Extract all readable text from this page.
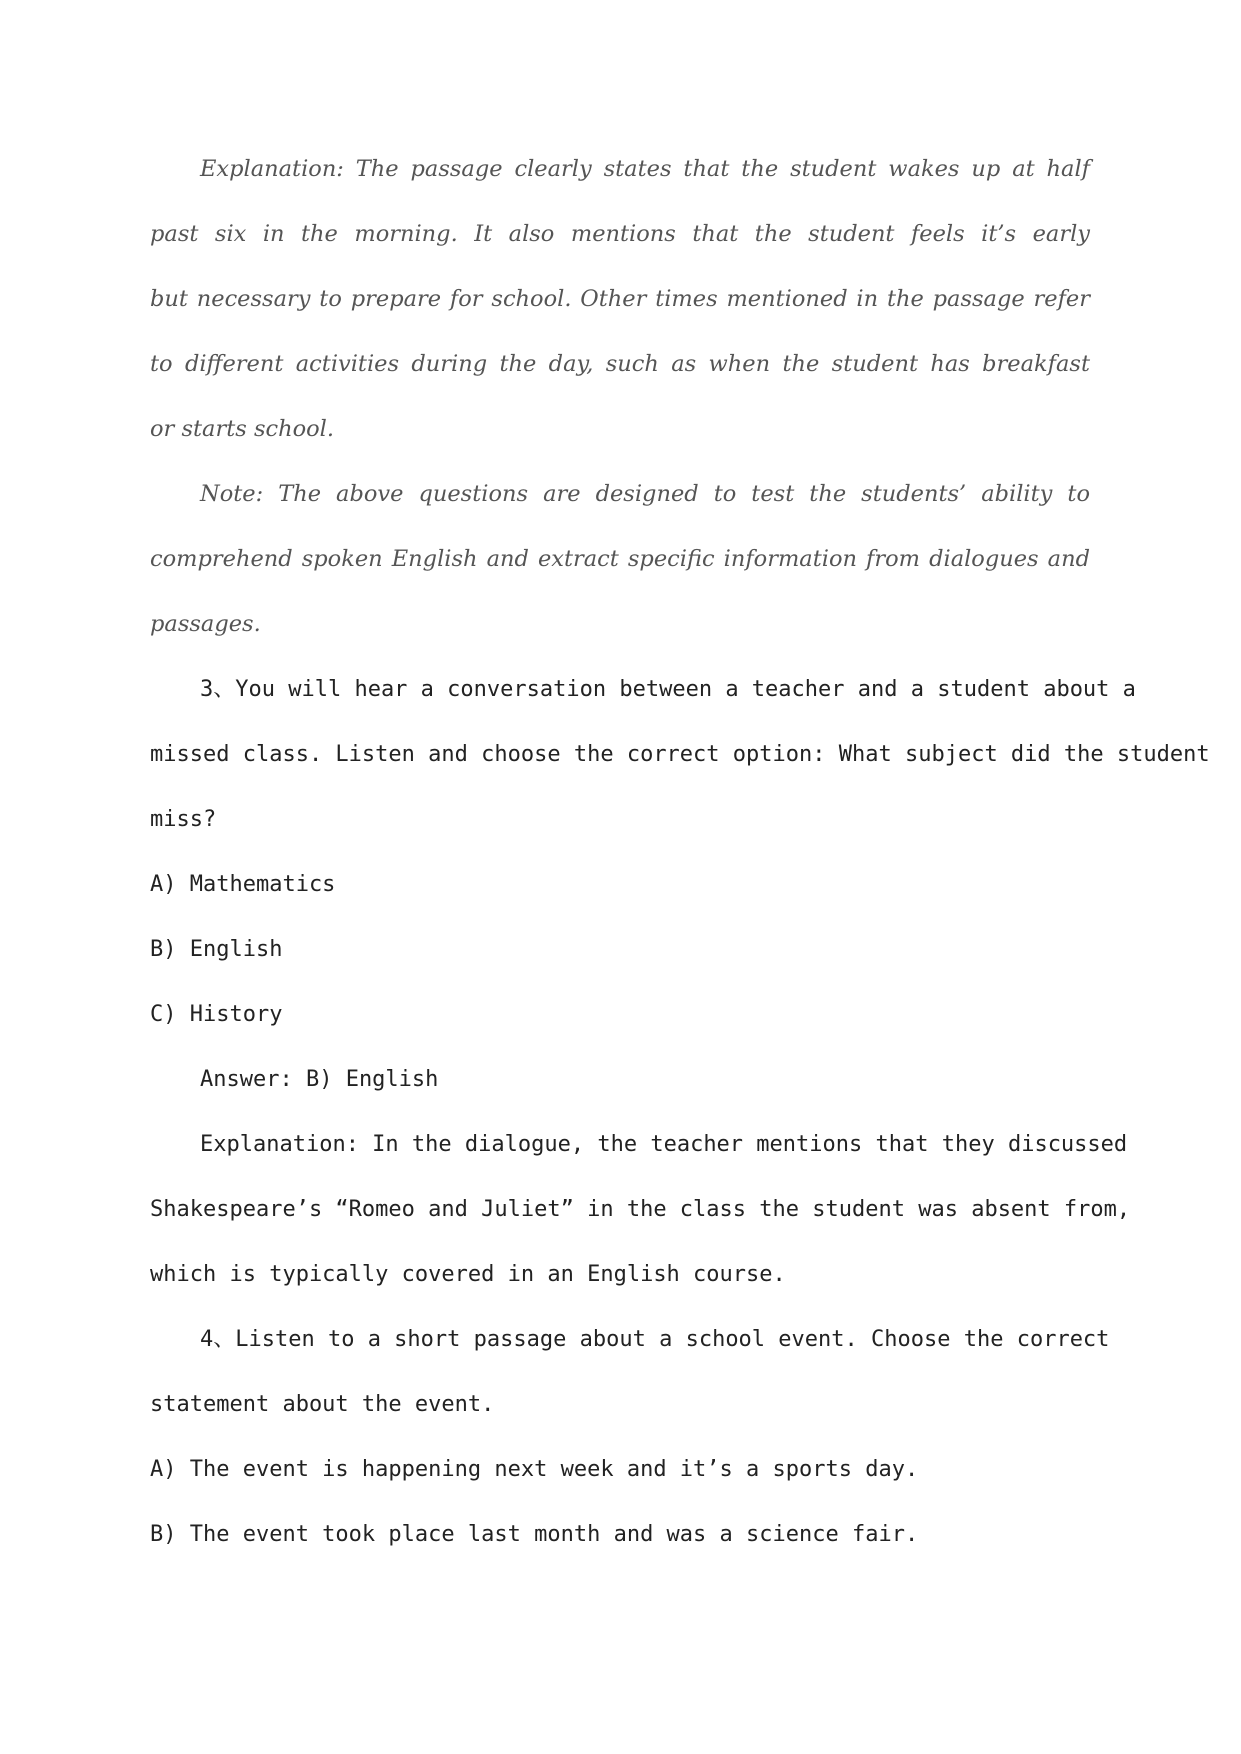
Explanation: The passage clearly states that the student wakes up at half
past six in the morning. It also mentions that the student feels it’s early
but necessary to prepare for school. Other times mentioned in the passage refer
to different activities during the day, such as when the student has breakfast
or starts school.
Note: The above questions are designed to test the students’ ability to
comprehend spoken English and extract specific information from dialogues and
passages.
3、You will hear a conversation between a teacher and a student about a
missed class. Listen and choose the correct option: What subject did the student
miss?
A) Mathematics
B) English
C) History
Answer: B) English
Explanation: In the dialogue, the teacher mentions that they discussed
Shakespeare’s “Romeo and Juliet” in the class the student was absent from,
which is typically covered in an English course.
4、Listen to a short passage about a school event. Choose the correct
statement about the event.
A) The event is happening next week and it’s a sports day.
B) The event took place last month and was a science fair.
